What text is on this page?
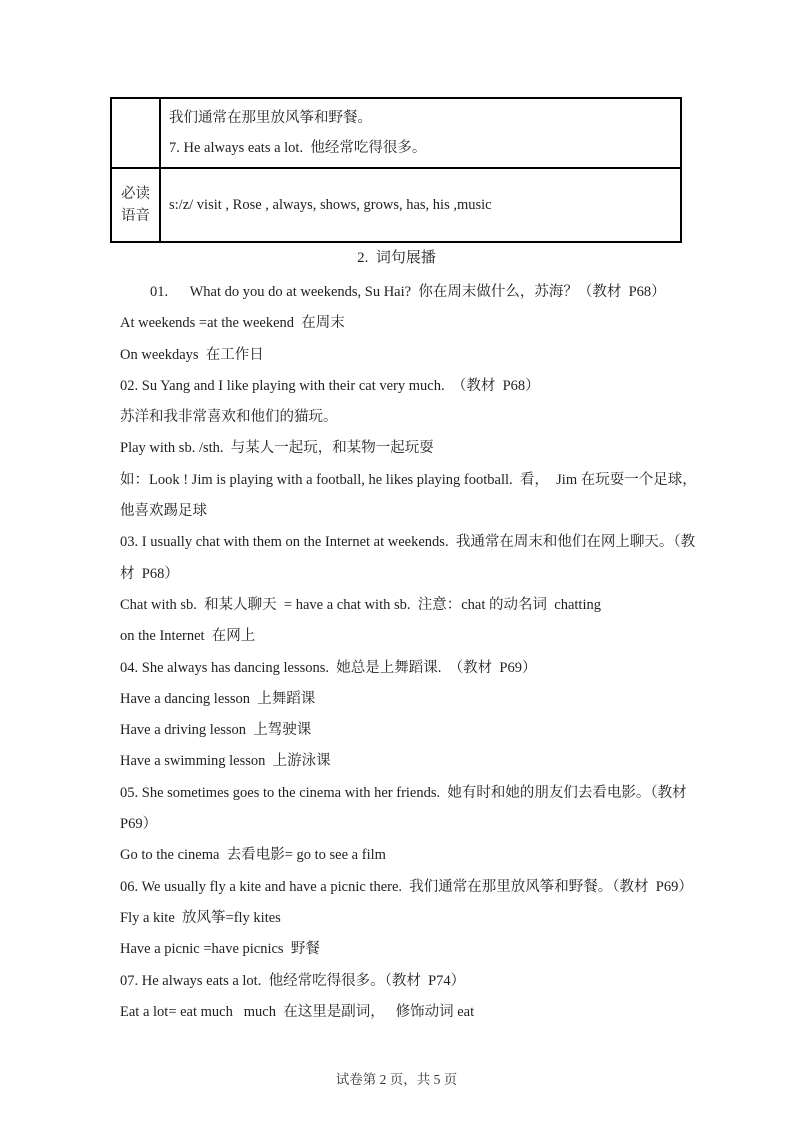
	我们通常在那里放风筝和野餐。
7. He always eats a lot.  他经常吃得很多。

必读
语音	s:/z/ visit , Rose , always, shows, grows, has, his ,music
2.  词句展播

01.      What do you do at weekends, Su Hai?  你在周末做什么，苏海？（教材  P68）

At weekends =at the weekend  在周末

On weekdays  在工作日

02. Su Yang and I like playing with their cat very much.  （教材  P68）

苏洋和我非常喜欢和他们的猫玩。

Play with sb. /sth.  与某人一起玩，和某物一起玩耍

如：Look ! Jim is playing with a football, he likes playing football.  看，  Jim 在玩耍一个足球，

他喜欢踢足球

03. I usually chat with them on the Internet at weekends.  我通常在周末和他们在网上聊天。（教

材  P68）

Chat with sb.  和某人聊天  = have a chat with sb.  注意：chat 的动名词  chatting

on the Internet  在网上

04. She always has dancing lessons.  她总是上舞蹈课.  （教材  P69）

Have a dancing lesson  上舞蹈课

Have a driving lesson  上驾驶课

Have a swimming lesson  上游泳课

05. She sometimes goes to the cinema with her friends.  她有时和她的朋友们去看电影。（教材

P69）

Go to the cinema  去看电影= go to see a film

06. We usually fly a kite and have a picnic there.  我们通常在那里放风筝和野餐。（教材  P69）

Fly a kite  放风筝=fly kites

Have a picnic =have picnics  野餐

07. He always eats a lot.  他经常吃得很多。（教材  P74）

Eat a lot= eat much   much  在这里是副词，   修饰动词 eat

试卷第 2 页，共 5 页
